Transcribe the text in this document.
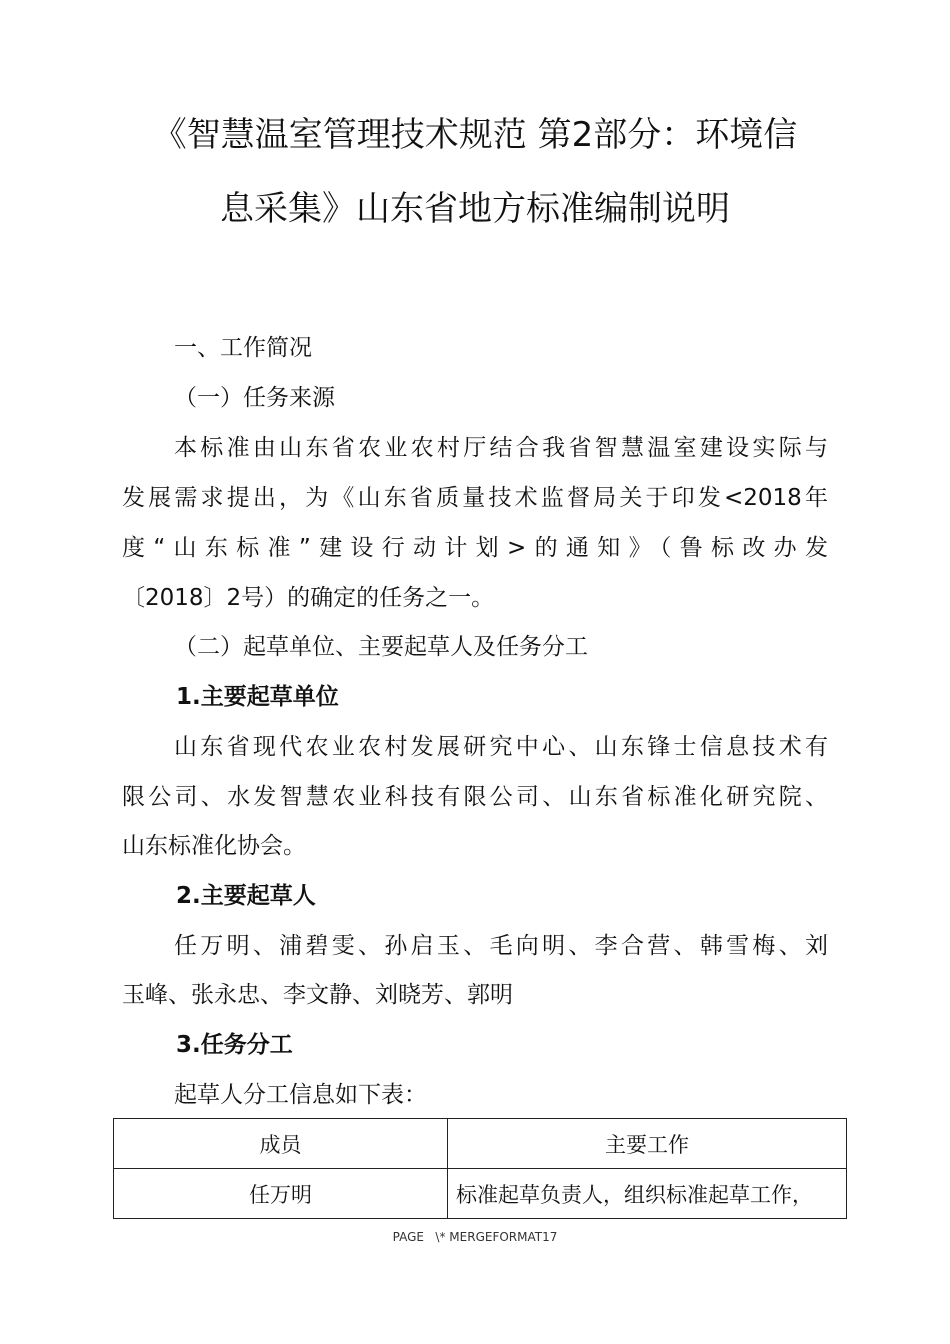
《智慧温室管理技术规范 第2部分：环境信
息采集》山东省地方标准编制说明
一、工作简况
（一）任务来源
本标准由山东省农业农村厅结合我省智慧温室建设实际与
发展需求提出，为《山东省质量技术监督局关于印发<2018年
度“山东标准”建设行动计划>的通知》（鲁标改办发
〔2018〕2号）的确定的任务之一。
（二）起草单位、主要起草人及任务分工
1.主要起草单位
山东省现代农业农村发展研究中心、山东锋士信息技术有
限公司、水发智慧农业科技有限公司、山东省标准化研究院、
山东标准化协会。
2.主要起草人
任万明、浦碧雯、孙启玉、毛向明、李合营、韩雪梅、刘
玉峰、张永忠、李文静、刘晓芳、郭明
3.任务分工
起草人分工信息如下表：
成员	主要工作
任万明	标准起草负责人，组织标准起草工作，
PAGE   \* MERGEFORMAT17
